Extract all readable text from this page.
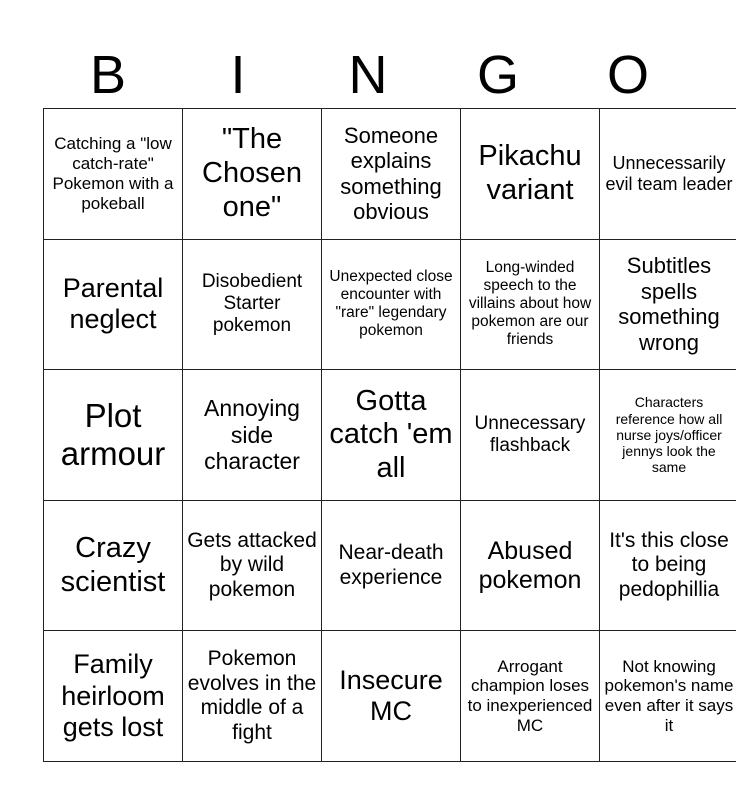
B	I	N	G	O
Catching a "low catch-rate" Pokemon with a pokeball	"The Chosen one"	Someone explains something obvious	Pikachu variant	Unnecessarily evil team leader
Parental neglect	Disobedient Starter pokemon	Unexpected close encounter with "rare" legendary pokemon	Long-winded speech to the villains about how pokemon are our friends	Subtitles spells something wrong
Plot armour	Annoying side character	Gotta catch 'em all	Unnecessary flashback	Characters reference how all nurse joys/officer jennys look the same
Crazy scientist	Gets attacked by wild pokemon	Near-death experience	Abused pokemon	It's this close to being pedophillia
Family heirloom gets lost	Pokemon evolves in the middle of a fight	Insecure MC	Arrogant champion loses to inexperienced MC	Not knowing pokemon's name even after it says it
